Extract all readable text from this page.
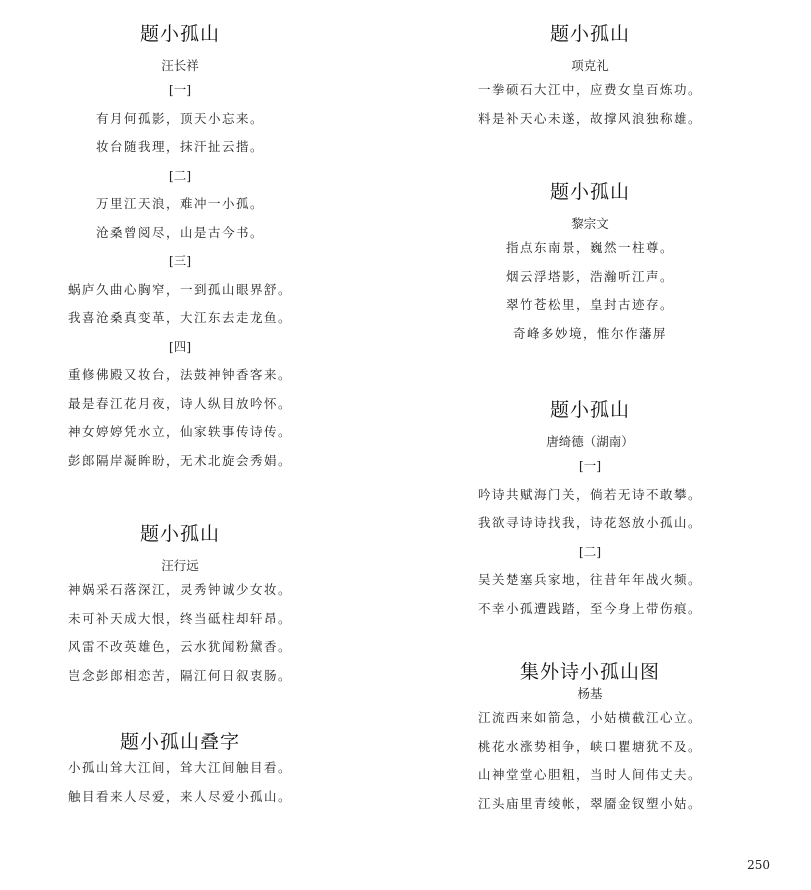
题小孤山
汪长祥
[一]
有月何孤影，顶天小忘来。
妆台随我理，抹汗扯云揩。
[二]
万里江天浪，难冲一小孤。
沧桑曾阅尽，山是古今书。
[三]
蜗庐久曲心胸窄，一到孤山眼界舒。
我喜沧桑真变革，大江东去走龙鱼。
[四]
重修佛殿又妆台，法鼓神钟香客来。
最是春江花月夜，诗人纵目放吟怀。
神女婷婷凭水立，仙家轶事传诗传。
彭郎隔岸凝眸盼，无术北旋会秀娟。
题小孤山
汪行远
神娲采石落深江，灵秀钟诚少女妆。
未可补天成大恨，终当砥柱却轩昂。
风雷不改英雄色，云水犹闻粉黛香。
岂念彭郎相恋苦，隔江何日叙衷肠。
题小孤山叠字
小孤山耸大江间，耸大江间触目看。
触目看来人尽爱，来人尽爱小孤山。
题小孤山
项克礼
一拳硕石大江中，应费女皇百炼功。
料是补天心未遂，故撑风浪独称雄。
题小孤山
黎宗文
指点东南景，巍然一柱尊。
烟云浮塔影，浩瀚听江声。
翠竹苍松里，皇封古迹存。
奇峰多妙境，惟尔作藩屏
题小孤山
唐绮德（湖南）
[一]
吟诗共赋海门关，倘若无诗不敢攀。
我欲寻诗诗找我，诗花怒放小孤山。
[二]
吴关楚塞兵家地，往昔年年战火频。
不幸小孤遭践踏，至今身上带伤痕。
集外诗小孤山图
杨基
江流西来如箭急，小姑横截江心立。
桃花水涨势相争，峡口瞿塘犹不及。
山神堂堂心胆粗，当时人间伟丈夫。
江头庙里青绫帐，翠靥金钗塑小姑。
250
